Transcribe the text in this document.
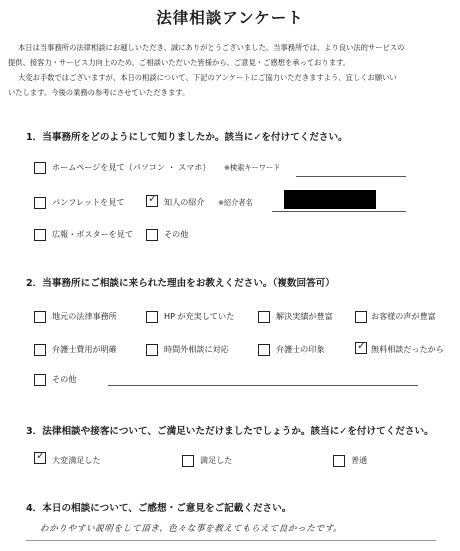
法律相談アンケート
本日は当事務所の法律相談にお越しいただき、誠にありがとうございました。当事務所では、より良い法的サービスの
提供、接客力・サービス力向上のため、ご相談いただいた皆様から、ご意見・ご感想を承っております。
大変お手数ではございますが、本日の相談について、下記のアンケートにご協力いただきますよう、宜しくお願いい
いたします。今後の業務の参考にさせていただきます。
1．当事務所をどのようにして知りましたか。該当に✓を付けてください。
ホームページを見て（パソコン ・ スマホ） ※検索キーワード
パンフレットを見て ✓ 知人の紹介 ※紹介者名
広報・ポスターを見て	その他
2．当事務所にご相談に来られた理由をお教えください。（複数回答可）
地元の法律事務所	HP が充実していた	解決実績が豊富	お客様の声が豊富
弁護士費用が明確	時間外相談に対応	弁護士の印象	✓ 無料相談だったから
その他
3．法律相談や接客について、ご満足いただけましたでしょうか。該当に✓を付けてください。
✓ 大変満足した	満足した	普通
4．本日の相談について、ご感想・ご意見をご記載ください。
わかりやすい説明をして頂き、色々な事を教えてもらえて良かったです。
